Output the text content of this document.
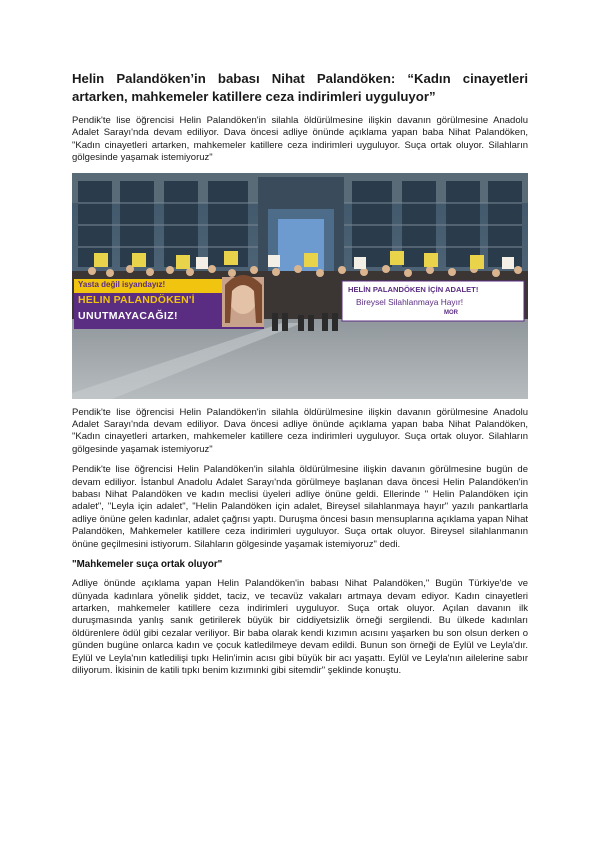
Helin Palandöken’in babası Nihat Palandöken: “Kadın cinayetleri artarken, mahkemeler katillere ceza indirimleri uyguluyor”

Pendik'te lise öğrencisi Helin Palandöken'in silahla öldürülmesine ilişkin davanın görülmesine Anadolu Adalet Sarayı'nda devam ediliyor. Dava öncesi adliye önünde açıklama yapan baba Nihat Palandöken, "Kadın cinayetleri artarken, mahkemeler katillere ceza indirimleri uyguluyor. Suça ortak oluyor. Silahların gölgesinde yaşamak istemiyoruz"

Yasta değil isyandayız!
HELIN PALANDÖKEN'İ
UNUTMAYACAĞIZ!
HELİN PALANDÖKEN İÇİN ADALET!
Bireysel Silahlanmaya Hayır!
MOR

Pendik'te lise öğrencisi Helin Palandöken'in silahla öldürülmesine ilişkin davanın görülmesine Anadolu Adalet Sarayı'nda devam ediliyor. Dava öncesi adliye önünde açıklama yapan baba Nihat Palandöken, "Kadın cinayetleri artarken, mahkemeler katillere ceza indirimleri uyguluyor. Suça ortak oluyor. Silahların gölgesinde yaşamak istemiyoruz"

Pendik'te lise öğrencisi Helin Palandöken'in silahla öldürülmesine ilişkin davanın görülmesine bugün de devam ediliyor. İstanbul Anadolu Adalet Sarayı'nda görülmeye başlanan dava öncesi Helin Palandöken'in babası Nihat Palandöken ve kadın meclisi üyeleri adliye önüne geldi. Ellerinde " Helin Palandöken için adalet", "Leyla için adalet", "Helin Palandöken için adalet, Bireysel silahlanmaya hayır" yazılı pankartlarla adliye önüne gelen kadınlar, adalet çağrısı yaptı. Duruşma öncesi basın mensuplarına açıklama yapan Nihat Palandöken, Mahkemeler katillere ceza indirimleri uyguluyor. Suça ortak oluyor. Bireysel silahlanmanın önüne geçilmesini istiyorum. Silahların gölgesinde yaşamak istemiyoruz" dedi.

"Mahkemeler suça ortak oluyor"

Adliye önünde açıklama yapan Helin Palandöken'in babası Nihat Palandöken," Bugün Türkiye'de ve dünyada kadınlara yönelik şiddet, taciz, ve tecavüz vakaları artmaya devam ediyor. Kadın cinayetleri artarken, mahkemeler katillere ceza indirimleri uyguluyor. Suça ortak oluyor. Açılan davanın ilk duruşmasında yanlış sanık getirilerek büyük bir ciddiyetsizlik örneği sergilendi. Bu ülkede kadınları öldürenlere ödül gibi cezalar veriliyor. Bir baba olarak kendi kızımın acısını yaşarken bu son olsun derken o günden bugüne onlarca kadın ve çocuk katledilmeye devam edildi. Bunun son örneği de Eylül ve Leyla'dır. Eylül ve Leyla'nın katledilişi tıpkı Helin'imin acısı gibi büyük bir acı yaşattı. Eylül ve Leyla'nın ailelerine sabır diliyorum. İkisinin de katili tıpkı benim kızımınki gibi sitemdir" şeklinde konuştu.
